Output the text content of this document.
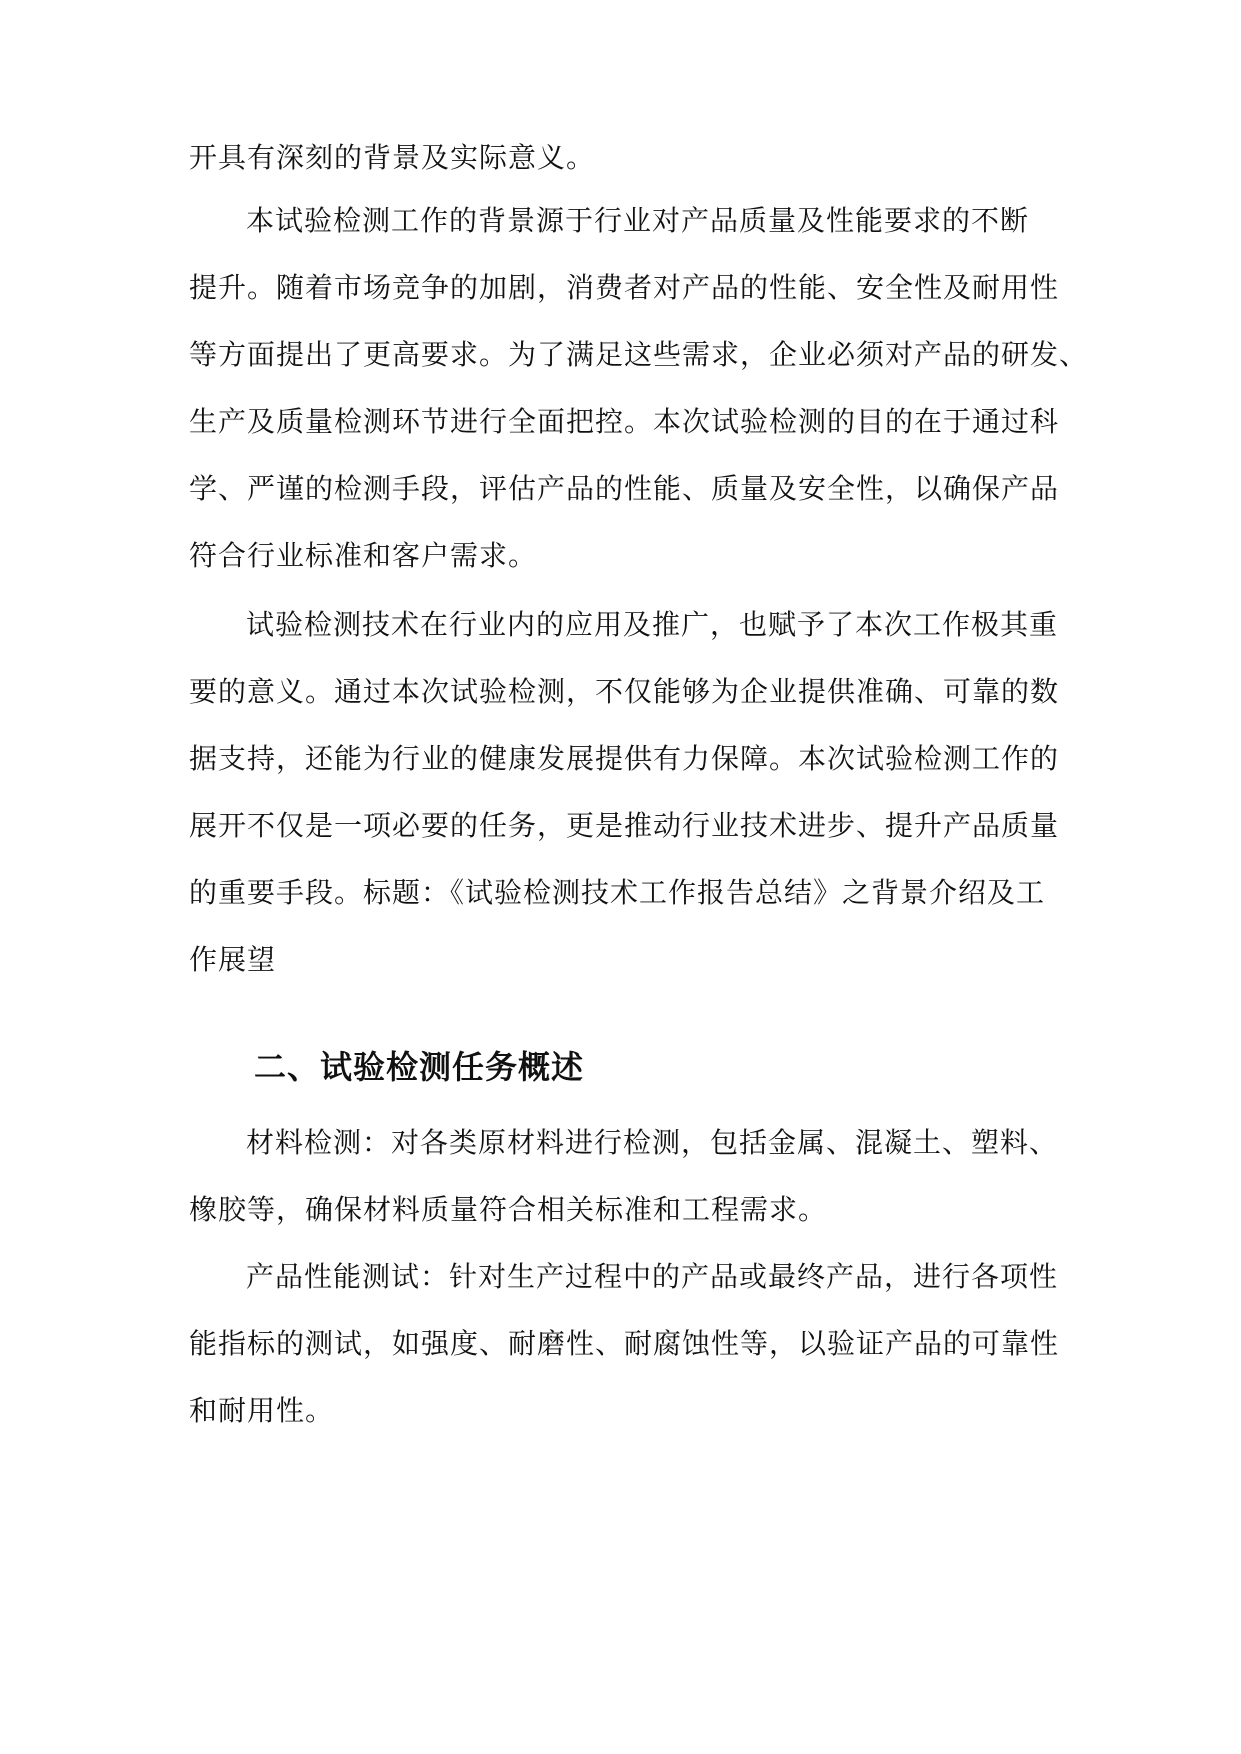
开具有深刻的背景及实际意义。
本试验检测工作的背景源于行业对产品质量及性能要求的不断
提升。随着市场竞争的加剧，消费者对产品的性能、安全性及耐用性
等方面提出了更高要求。为了满足这些需求，企业必须对产品的研发、
生产及质量检测环节进行全面把控。本次试验检测的目的在于通过科
学、严谨的检测手段，评估产品的性能、质量及安全性，以确保产品
符合行业标准和客户需求。
试验检测技术在行业内的应用及推广，也赋予了本次工作极其重
要的意义。通过本次试验检测，不仅能够为企业提供准确、可靠的数
据支持，还能为行业的健康发展提供有力保障。本次试验检测工作的
展开不仅是一项必要的任务，更是推动行业技术进步、提升产品质量
的重要手段。标题：《试验检测技术工作报告总结》之背景介绍及工
作展望
二、试验检测任务概述
材料检测：对各类原材料进行检测，包括金属、混凝土、塑料、
橡胶等，确保材料质量符合相关标准和工程需求。
产品性能测试：针对生产过程中的产品或最终产品，进行各项性
能指标的测试，如强度、耐磨性、耐腐蚀性等，以验证产品的可靠性
和耐用性。
